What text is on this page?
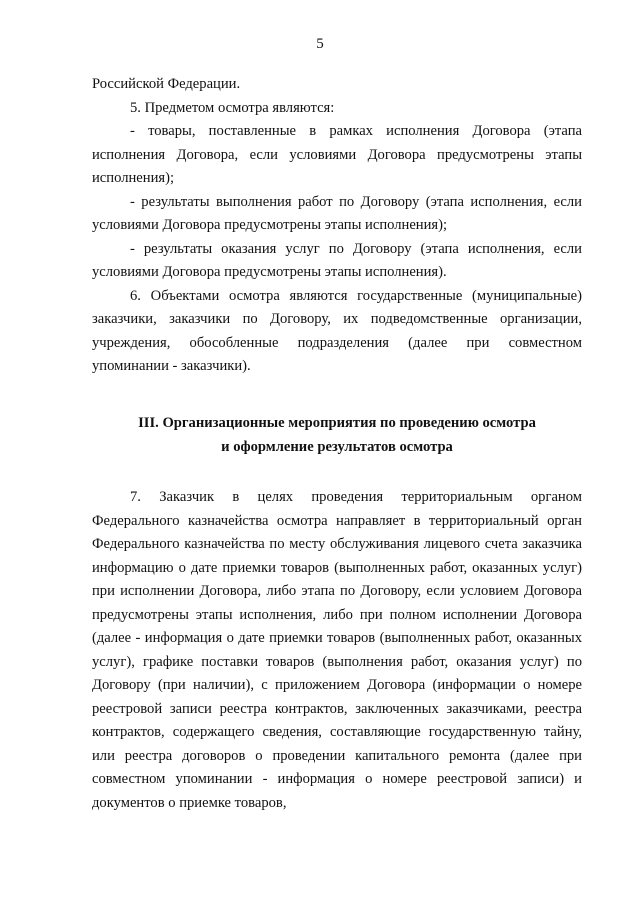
5

Российской Федерации.

5. Предметом осмотра являются:

- товары, поставленные в рамках исполнения Договора (этапа исполнения Договора, если условиями Договора предусмотрены этапы исполнения);

- результаты выполнения работ по Договору (этапа исполнения, если условиями Договора предусмотрены этапы исполнения);

- результаты оказания услуг по Договору (этапа исполнения, если условиями Договора предусмотрены этапы исполнения).

6. Объектами осмотра являются государственные (муниципальные) заказчики, заказчики по Договору, их подведомственные организации, учреждения, обособленные подразделения (далее при совместном упоминании - заказчики).

III. Организационные мероприятия по проведению осмотра

и оформление результатов осмотра

7. Заказчик в целях проведения территориальным органом Федерального казначейства осмотра направляет в территориальный орган Федерального казначейства по месту обслуживания лицевого счета заказчика информацию о дате приемки товаров (выполненных работ, оказанных услуг) при исполнении Договора, либо этапа по Договору, если условием Договора предусмотрены этапы исполнения, либо при полном исполнении Договора (далее - информация о дате приемки товаров (выполненных работ, оказанных услуг), графике поставки товаров (выполнения работ, оказания услуг) по Договору (при наличии), с приложением Договора (информации о номере реестровой записи реестра контрактов, заключенных заказчиками, реестра контрактов, содержащего сведения, составляющие государственную тайну, или реестра договоров о проведении капитального ремонта (далее при совместном упоминании - информация о номере реестровой записи) и документов о приемке товаров,
